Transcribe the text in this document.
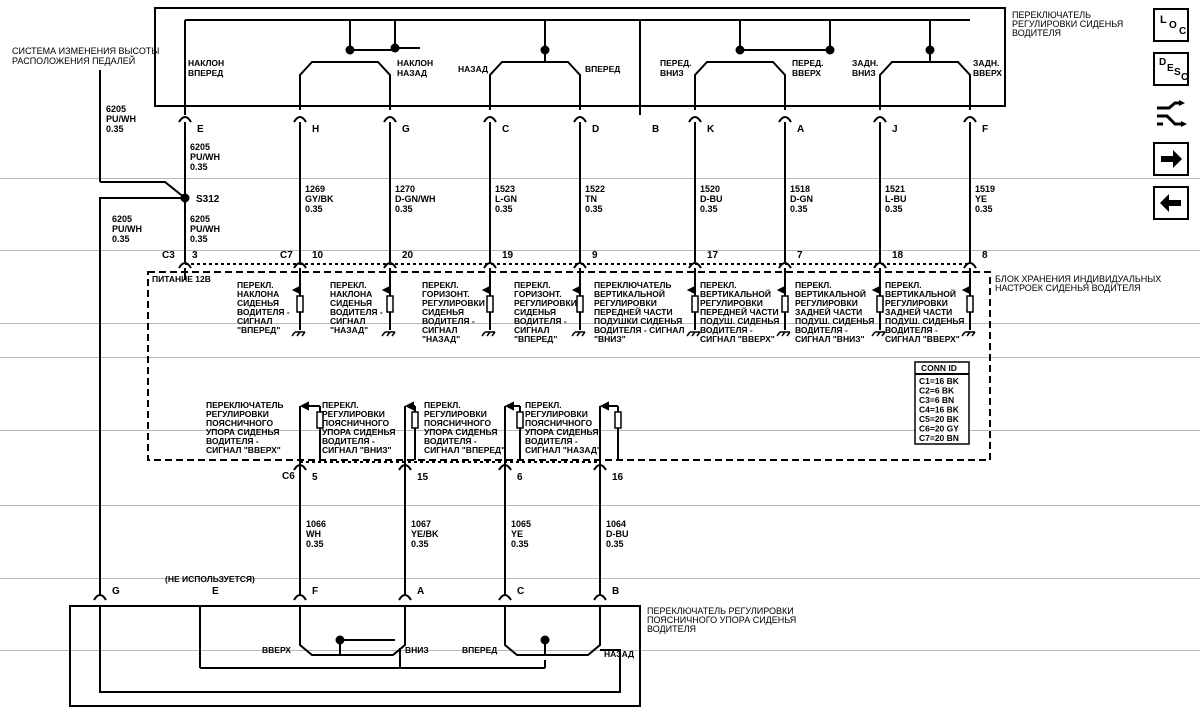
ПЕРЕКЛЮЧАТЕЛЬ РЕГУЛИРОВКИ СИДЕНЬЯ ВОДИТЕЛЯ
НАКЛОН ВПЕРЕД
НАКЛОН НАЗАД	НАЗАД	ВПЕРЕД
ПЕРЕД. ВНИЗ
ПЕРЕД. ВВЕРХ
ЗАДН. ВНИЗ
ЗАДН. ВВЕРХ
E	H	G	C	D	B	K	A	J	F
СИСТЕМА ИЗМЕНЕНИЯ ВЫСОТЫ РАСПОЛОЖЕНИЯ ПЕДАЛЕЙ
6205
PU/WH
0.35
S312
6205
PU/WH
0.35
6205
PU/WH
0.35
6205
PU/WH
0.35
1269
GY/BK
0.35
1270
D-GN/WH
0.35
1523
L-GN
0.35
1522
TN
0.35
1520
D-BU
0.35
1518
D-GN
0.35
1521
L-BU
0.35
1519
YE
0.35
C3 3	C7 10	20	19	9	17	7	18	8
ПИТАНИЕ 12В	БЛОК ХРАНЕНИЯ ИНДИВИДУАЛЬНЫХ НАСТРОЕК СИДЕНЬЯ ВОДИТЕЛЯ
ПЕРЕКЛ. НАКЛОНА СИДЕНЬЯ ВОДИТЕЛЯ -СИГНАЛ "ВПЕРЕД"
ПЕРЕКЛ. НАКЛОНА СИДЕНЬЯ ВОДИТЕЛЯ -СИГНАЛ "НАЗАД"
ПЕРЕКЛ. ГОРИЗОНТ. РЕГУЛИРОВКИ СИДЕНЬЯ ВОДИТЕЛЯ -СИГНАЛ "НАЗАД"
ПЕРЕКЛ. ГОРИЗОНТ. РЕГУЛИРОВКИ СИДЕНЬЯ ВОДИТЕЛЯ -СИГНАЛ "ВПЕРЕД"
ПЕРЕКЛЮЧАТЕЛЬ ВЕРТИКАЛЬНОЙ РЕГУЛИРОВКИ ПЕРЕДНЕЙ ЧАСТИ ПОДУШКИ СИДЕНЬЯ ВОДИТЕЛЯ - СИГНАЛ "ВНИЗ"
ПЕРЕКЛ. ВЕРТИКАЛЬНОЙ РЕГУЛИРОВКИ ПЕРЕДНЕЙ ЧАСТИ ПОДУШ. СИДЕНЬЯ ВОДИТЕЛЯ -СИГНАЛ "ВВЕРХ"
ПЕРЕКЛ. ВЕРТИКАЛЬНОЙ РЕГУЛИРОВКИ ЗАДНЕЙ ЧАСТИ ПОДУШ. СИДЕНЬЯ ВОДИТЕЛЯ -СИГНАЛ "ВНИЗ"
ПЕРЕКЛ. ВЕРТИКАЛЬНОЙ РЕГУЛИРОВКИ ЗАДНЕЙ ЧАСТИ ПОДУШ. СИДЕНЬЯ ВОДИТЕЛЯ -СИГНАЛ "ВВЕРХ"
CONN ID
C1=16 BK
C2=6 BK
C3=6 BN
C4=16 BK
C5=20 BK
C6=20 GY
C7=20 BN
ПЕРЕКЛЮЧАТЕЛЬ РЕГУЛИРОВКИ ПОЯСНИЧНОГО УПОРА СИДЕНЬЯ ВОДИТЕЛЯ -СИГНАЛ "ВВЕРХ"
ПЕРЕКЛ. РЕГУЛИРОВКИ ПОЯСНИЧНОГО УПОРА СИДЕНЬЯ ВОДИТЕЛЯ -СИГНАЛ "ВНИЗ"
ПЕРЕКЛ. РЕГУЛИРОВКИ ПОЯСНИЧНОГО УПОРА СИДЕНЬЯ ВОДИТЕЛЯ -СИГНАЛ "ВПЕРЕД"
ПЕРЕКЛ. РЕГУЛИРОВКИ ПОЯСНИЧНОГО УПОРА СИДЕНЬЯ ВОДИТЕЛЯ -СИГНАЛ "НАЗАД"
C6 5	15	6	16
1066
WH
0.35
1067
YE/BK
0.35
1065
YE
0.35
1064
D-BU
0.35
(НЕ ИСПОЛЬЗУЕТСЯ)
G	E	F	A	C	B
ПЕРЕКЛЮЧАТЕЛЬ РЕГУЛИРОВКИ ПОЯСНИЧНОГО УПОРА СИДЕНЬЯ ВОДИТЕЛЯ
ВВЕРХ	ВНИЗ	ВПЕРЕД	НАЗАД
L O
C
D
E S C
